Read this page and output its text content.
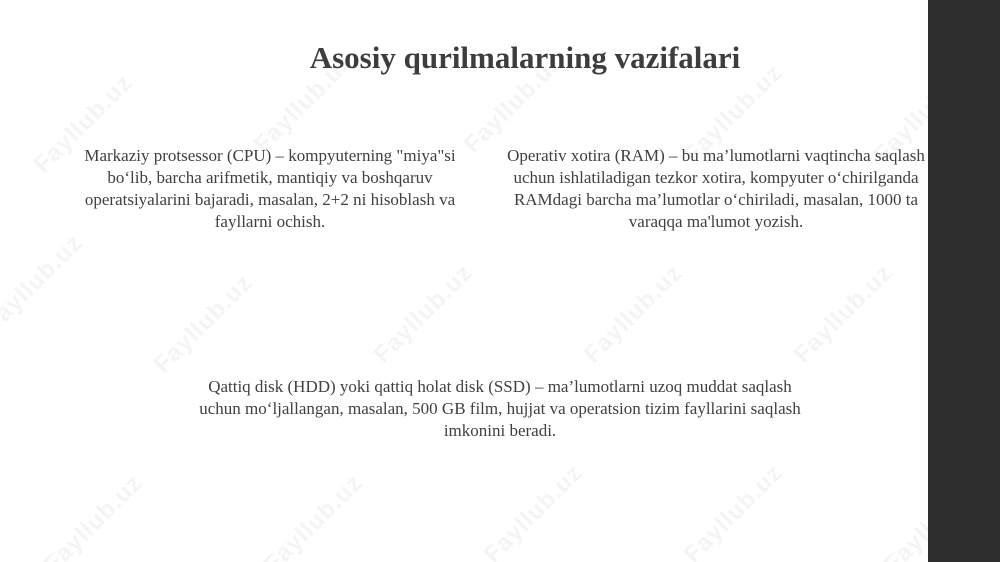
Asosiy qurilmalarning vazifalari
Markaziy protsessor (CPU) – kompyuterning "miya"si bo‘lib, barcha arifmetik, mantiqiy va boshqaruv operatsiyalarini bajaradi, masalan, 2+2 ni hisoblash va fayllarni ochish.
Operativ xotira (RAM) – bu ma’lumotlarni vaqtincha saqlash uchun ishlatiladigan tezkor xotira, kompyuter o‘chirilganda RAMdagi barcha ma’lumotlar o‘chiriladi, masalan, 1000 ta varaqqa ma'lumot yozish.
Qattiq disk (HDD) yoki qattiq holat disk (SSD) – ma’lumotlarni uzoq muddat saqlash uchun mo‘ljallangan, masalan, 500 GB film, hujjat va operatsion tizim fayllarini saqlash imkonini beradi.
